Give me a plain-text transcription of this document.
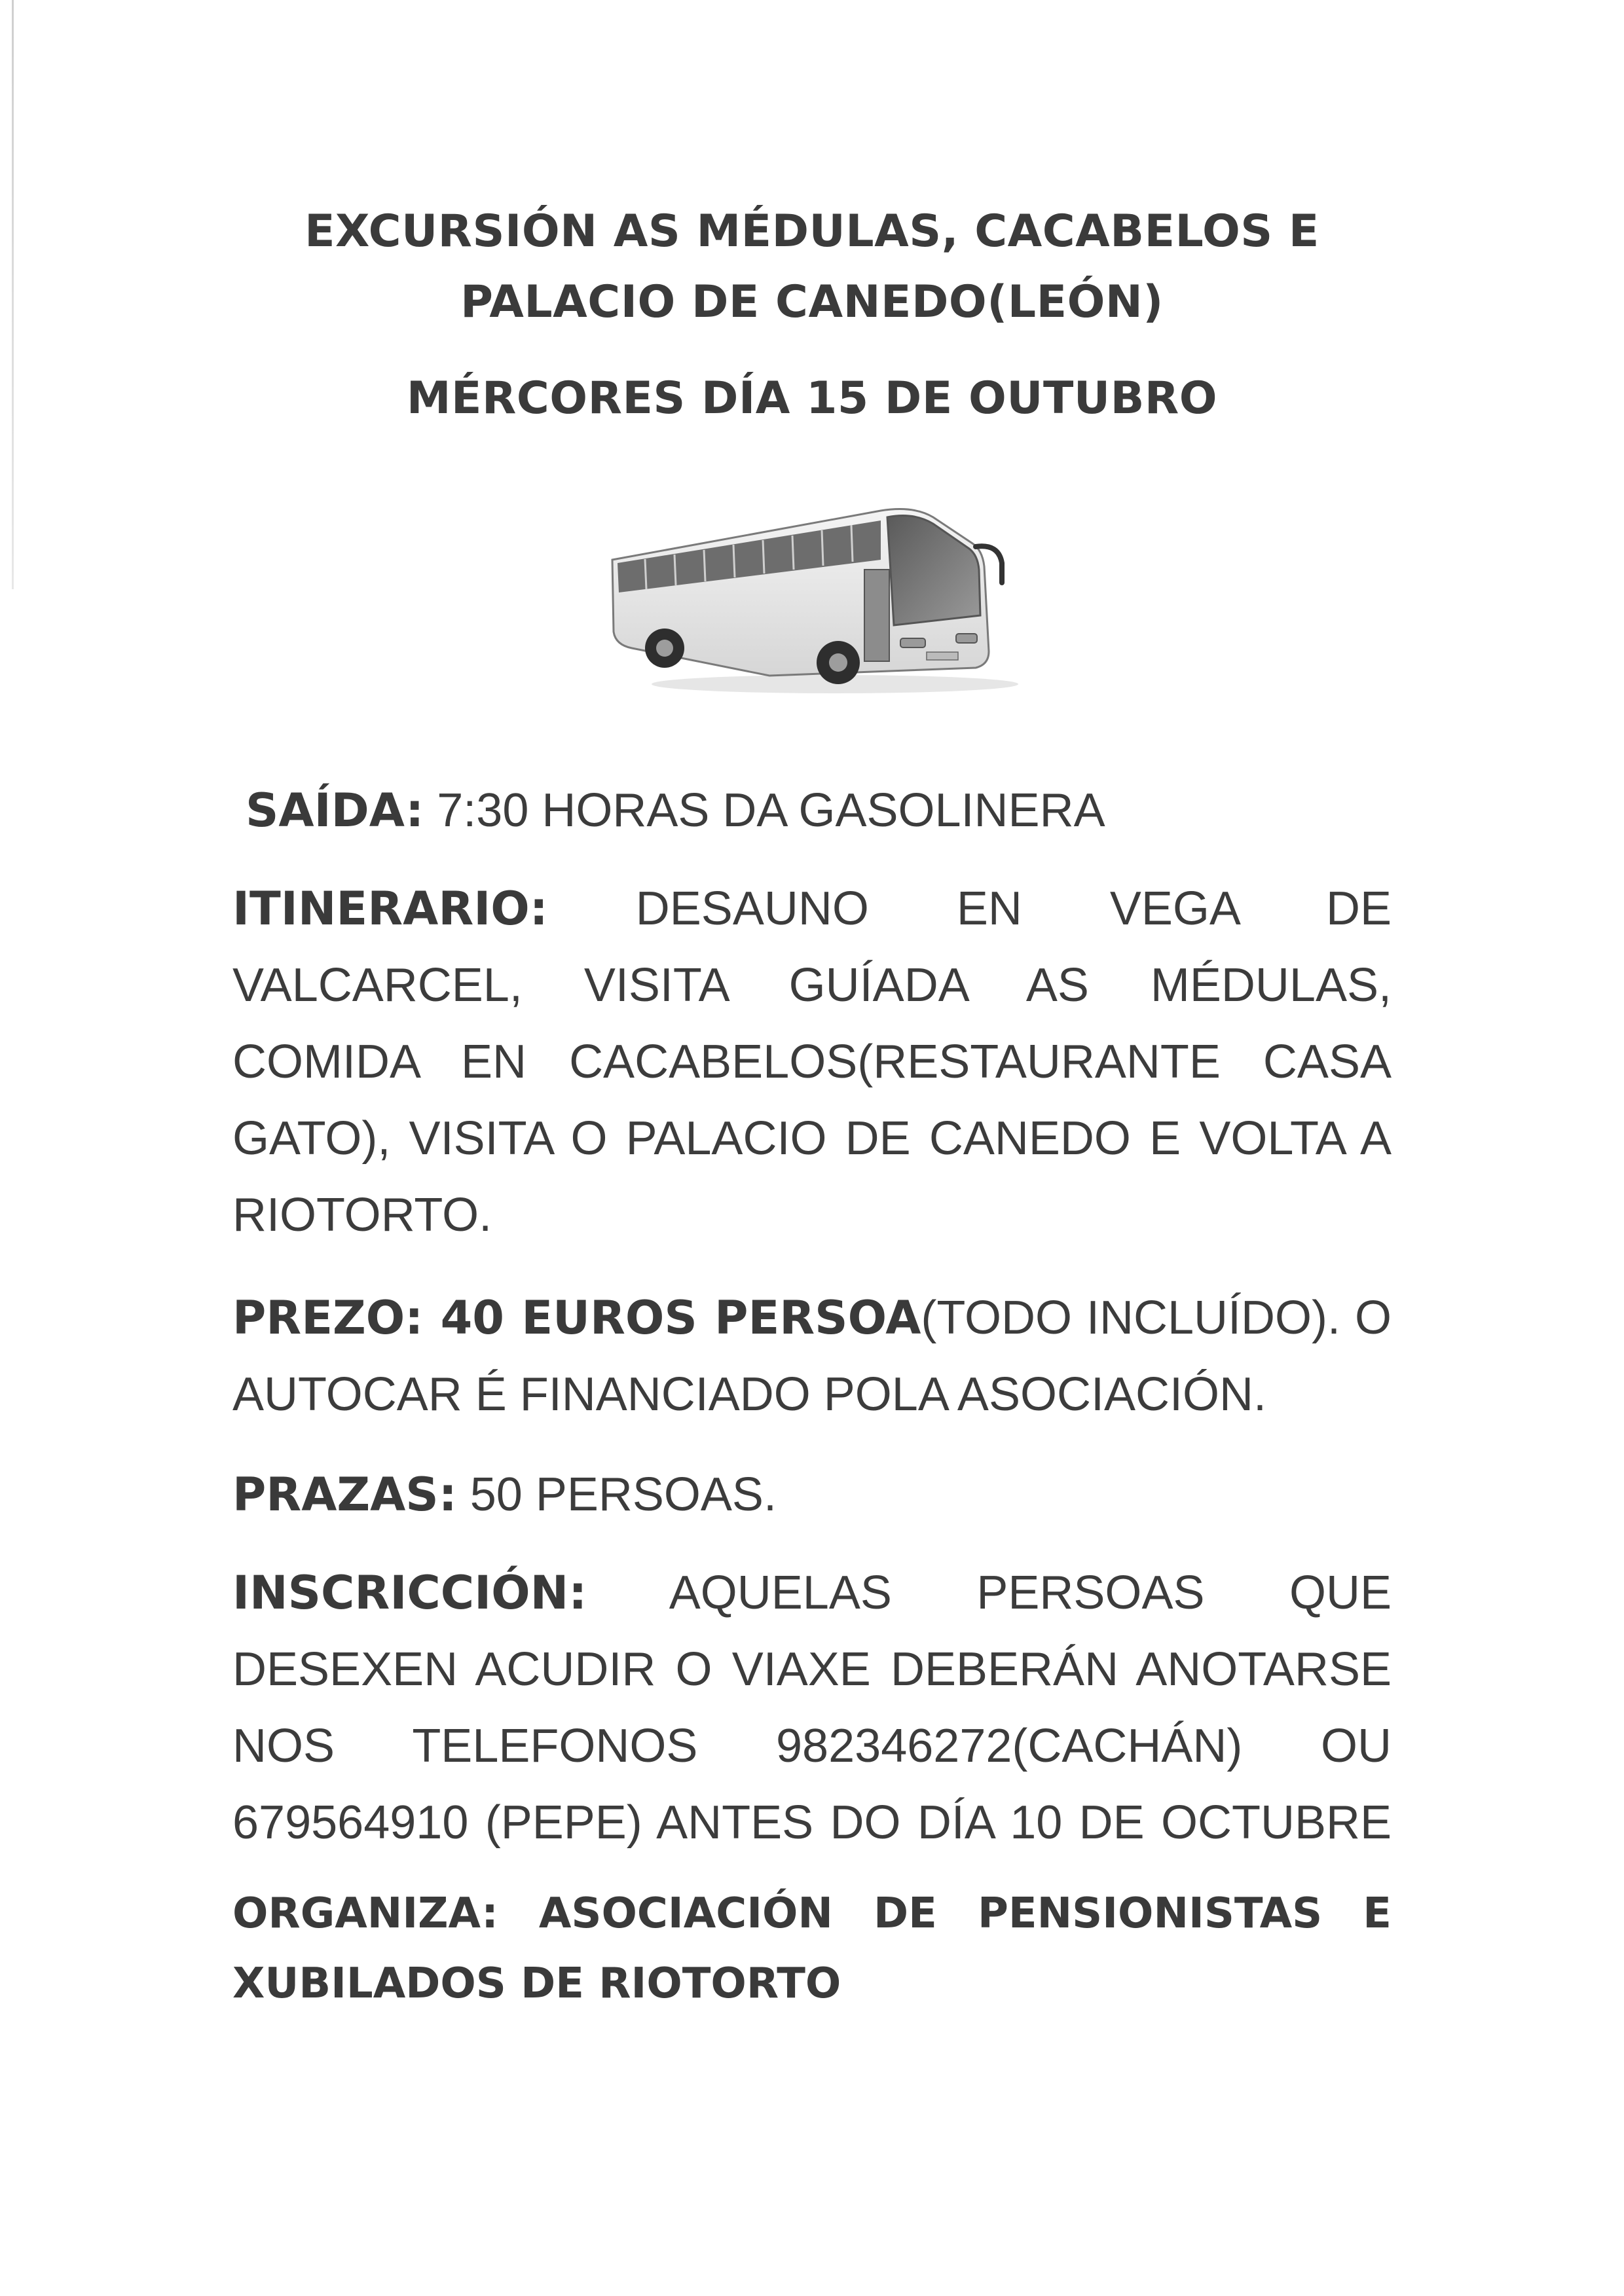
EXCURSIÓN AS MÉDULAS, CACABELOS E
PALACIO DE CANEDO(LEÓN)
MÉRCORES DÍA 15 DE OUTUBRO
SAÍDA: 7:30 HORAS DA GASOLINERA
ITINERARIO: DESAUNO EN VEGA DE VALCARCEL, VISITA GUÍADA AS MÉDULAS, COMIDA EN CACABELOS(RESTAURANTE CASA GATO), VISITA O PALACIO DE CANEDO E VOLTA A RIOTORTO.
PREZO: 40 EUROS PERSOA(TODO INCLUÍDO). O AUTOCAR É FINANCIADO POLA ASOCIACIÓN.
PRAZAS: 50 PERSOAS.
INSCRICCIÓN: AQUELAS PERSOAS QUE DESEXEN ACUDIR O VIAXE DEBERÁN ANOTARSE NOS TELEFONOS 982346272(CACHÁN) OU 679564910 (PEPE) ANTES DO DÍA 10 DE OCTUBRE
ORGANIZA: ASOCIACIÓN DE PENSIONISTAS E XUBILADOS DE RIOTORTO
